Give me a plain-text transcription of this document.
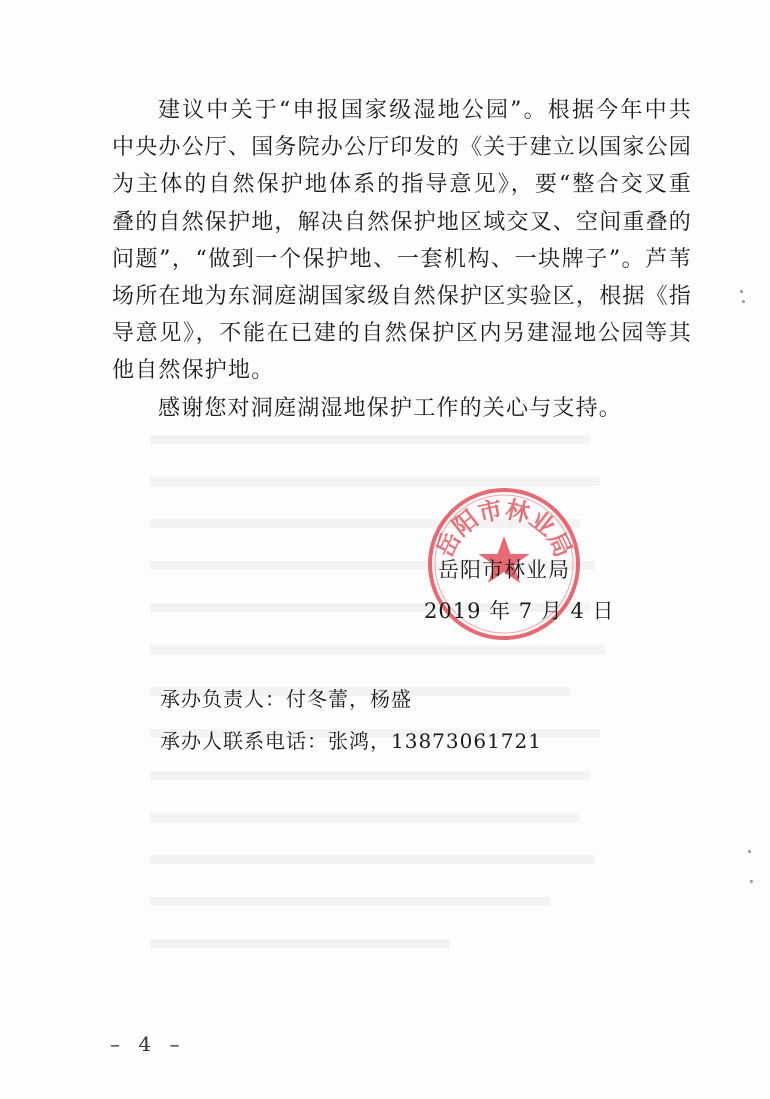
建议中关于“申报国家级湿地公园”。根据今年中共中央办公厅、国务院办公厅印发的《关于建立以国家公园为主体的自然保护地体系的指导意见》，要“整合交叉重叠的自然保护地，解决自然保护地区域交叉、空间重叠的问题”，“做到一个保护地、一套机构、一块牌子”。芦苇场所在地为东洞庭湖国家级自然保护区实验区，根据《指导意见》，不能在已建的自然保护区内另建湿地公园等其他自然保护地。

感谢您对洞庭湖湿地保护工作的关心与支持。

岳阳市林业局
岳阳市林业局
2019 年 7 月 4 日
承办负责人：付冬蕾，杨盛
承办人联系电话：张鸿，13873061721
– 4 –
